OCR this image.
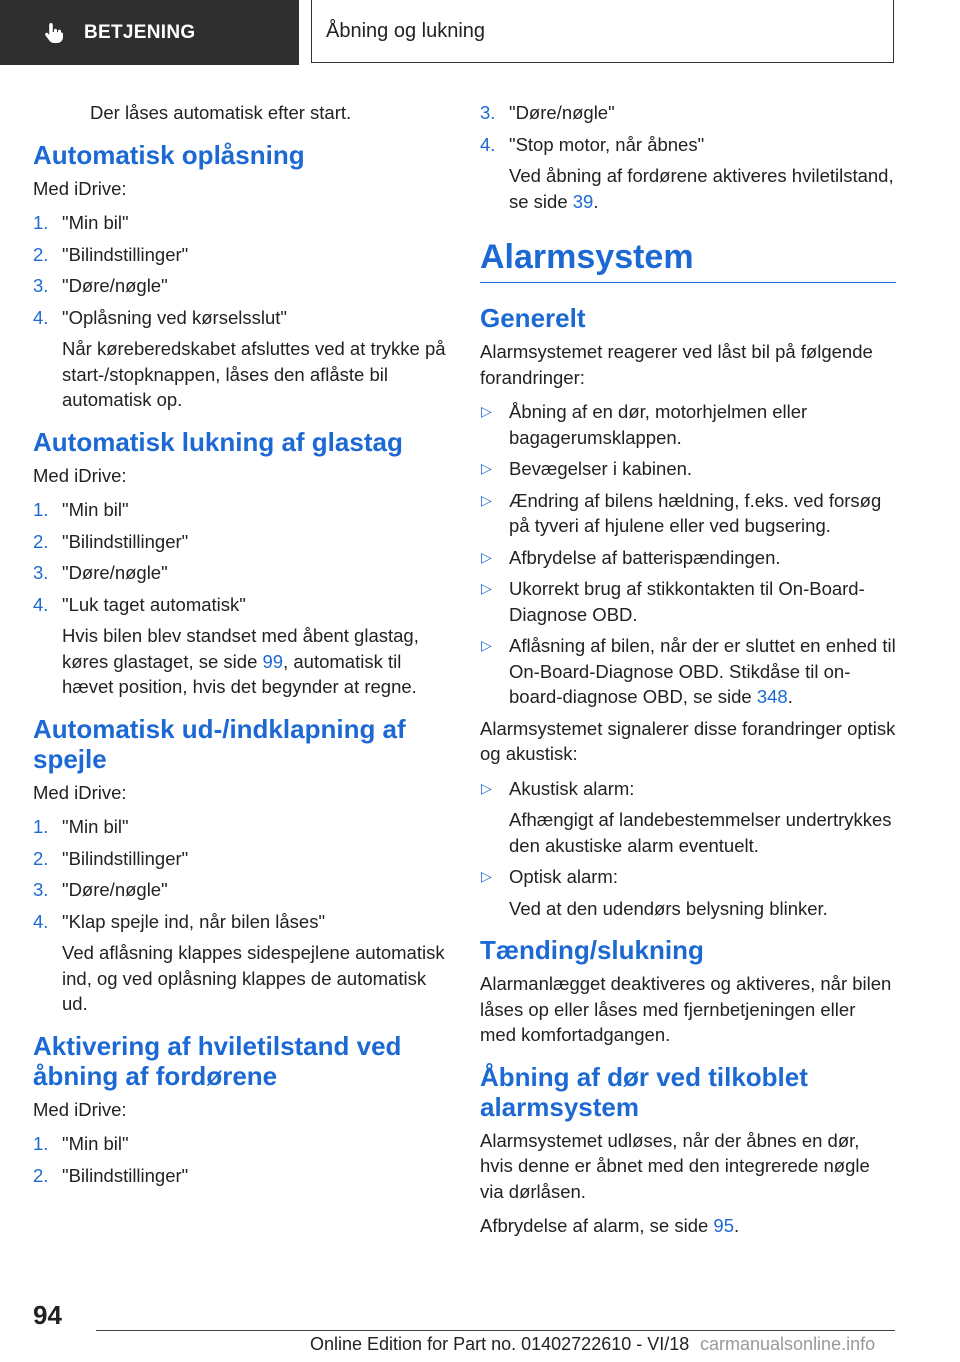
BETJENING	Åbning og lukning

Der låses automatisk efter start.

Automatisk oplåsning

Med iDrive:

1. "Min bil"
2. "Bilindstillinger"
3. "Døre/nøgle"
4. "Oplåsning ved kørselsslut"
Når køreberedskabet afsluttes ved at trykke på start-/stopknappen, låses den aflåste bil automatisk op.
Automatisk lukning af glastag

Med iDrive:

1. "Min bil"
2. "Bilindstillinger"
3. "Døre/nøgle"
4. "Luk taget automatisk"
Hvis bilen blev standset med åbent glastag, køres glastaget, se side 99, automatisk til hævet position, hvis det begynder at regne.
Automatisk ud-/indklapning af spejle

Med iDrive:

1. "Min bil"
2. "Bilindstillinger"
3. "Døre/nøgle"
4. "Klap spejle ind, når bilen låses"
Ved aflåsning klappes sidespejlene automatisk ind, og ved oplåsning klappes de automatisk ud.
Aktivering af hviletilstand ved åbning af fordørene

Med iDrive:

1. "Min bil"
2. "Bilindstillinger"
3. "Døre/nøgle"
4. "Stop motor, når åbnes"
Ved åbning af fordørene aktiveres hviletilstand, se side 39.
Alarmsystem
Generelt

Alarmsystemet reagerer ved låst bil på følgende forandringer:

▷ Åbning af en dør, motorhjelmen eller bagagerumsklappen.
▷ Bevægelser i kabinen.
▷ Ændring af bilens hældning, f.eks. ved forsøg på tyveri af hjulene eller ved bugsering.
▷ Afbrydelse af batterispændingen.
▷ Ukorrekt brug af stikkontakten til On-Board-Diagnose OBD.
▷ Aflåsning af bilen, når der er sluttet en enhed til On-Board-Diagnose OBD. Stikdåse til on-board-diagnose OBD, se side 348.

Alarmsystemet signalerer disse forandringer optisk og akustisk:

▷ Akustisk alarm:
Afhængigt af landebestemmelser undertrykkes den akustiske alarm eventuelt.
▷ Optisk alarm:
Ved at den udendørs belysning blinker.
Tænding/slukning

Alarmanlægget deaktiveres og aktiveres, når bilen låses op eller låses med fjernbetjeningen eller med komfortadgangen.

Åbning af dør ved tilkoblet alarmsystem

Alarmsystemet udløses, når der åbnes en dør, hvis denne er åbnet med den integrerede nøgle via dørlåsen.

Afbrydelse af alarm, se side 95.

94
Online Edition for Part no. 01402722610 - VI/18 carmanualsonline.info
